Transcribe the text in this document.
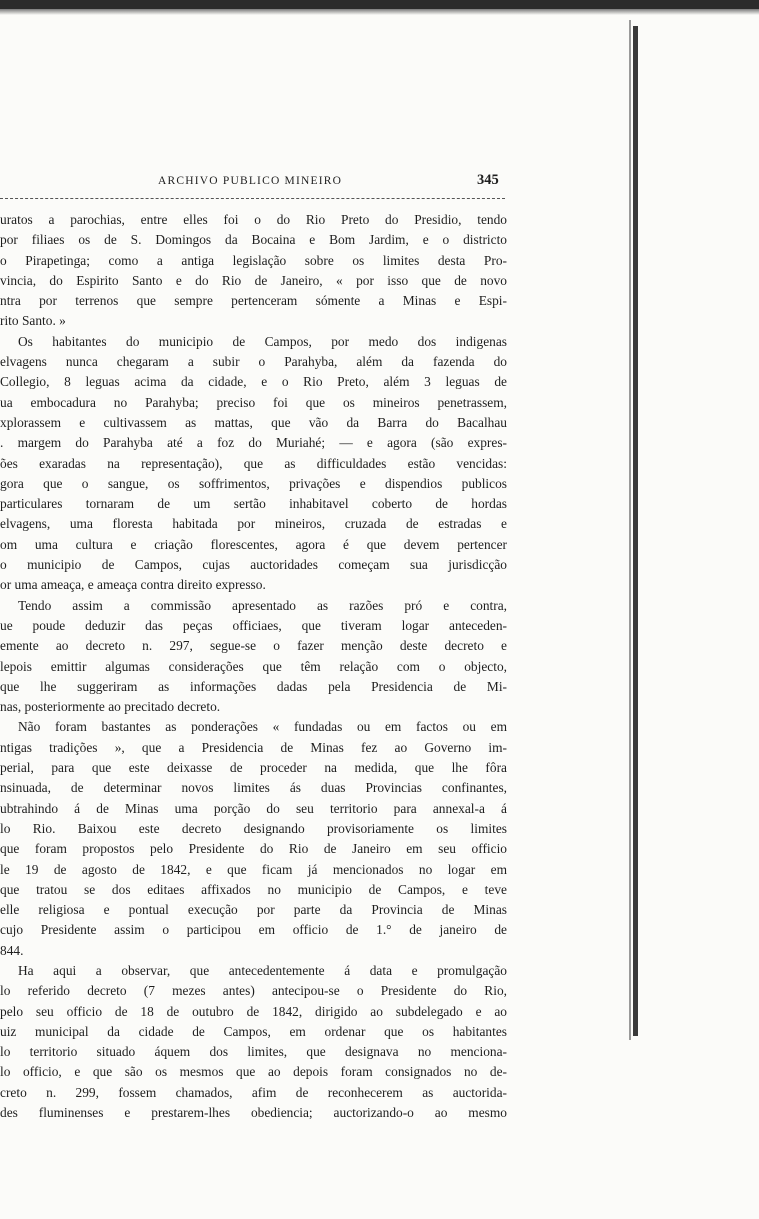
ARCHIVO PUBLICO MINEIRO	345
uratos a parochias, entre elles foi o do Rio Preto do Presidio, tendo
por filiaes os de S. Domingos da Bocaina e Bom Jardim, e o districto
o Pirapetinga; como a antiga legislação sobre os limites desta Pro-
vincia, do Espirito Santo e do Rio de Janeiro, « por isso que de novo
ntra por terrenos que sempre pertenceram sómente a Minas e Espi-
rito Santo. »
Os habitantes do municipio de Campos, por medo dos indigenas
elvagens nunca chegaram a subir o Parahyba, além da fazenda do
Collegio, 8 leguas acima da cidade, e o Rio Preto, além 3 leguas de
ua embocadura no Parahyba; preciso foi que os mineiros penetrassem,
xplorassem e cultivassem as mattas, que vão da Barra do Bacalhau
. margem do Parahyba até a foz do Muriahé; — e agora (são expres-
ões exaradas na representação), que as difficuldades estão vencidas:
gora que o sangue, os soffrimentos, privações e dispendios publicos
particulares tornaram de um sertão inhabitavel coberto de hordas
elvagens, uma floresta habitada por mineiros, cruzada de estradas e
om uma cultura e criação florescentes, agora é que devem pertencer
o municipio de Campos, cujas auctoridades começam sua jurisdicção
or uma ameaça, e ameaça contra direito expresso.
Tendo assim a commissão apresentado as razões pró e contra,
ue poude deduzir das peças officiaes, que tiveram logar anteceden-
emente ao decreto n. 297, segue-se o fazer menção deste decreto e
lepois emittir algumas considerações que têm relação com o objecto,
que lhe suggeriram as informações dadas pela Presidencia de Mi-
nas, posteriormente ao precitado decreto.
Não foram bastantes as ponderações « fundadas ou em factos ou em
ntigas tradições », que a Presidencia de Minas fez ao Governo im-
perial, para que este deixasse de proceder na medida, que lhe fôra
nsinuada, de determinar novos limites ás duas Provincias confinantes,
ubtrahindo á de Minas uma porção do seu territorio para annexal-a á
lo Rio. Baixou este decreto designando provisoriamente os limites
que foram propostos pelo Presidente do Rio de Janeiro em seu officio
le 19 de agosto de 1842, e que ficam já mencionados no logar em
que tratou se dos editaes affixados no municipio de Campos, e teve
elle religiosa e pontual execução por parte da Provincia de Minas
cujo Presidente assim o participou em officio de 1.° de janeiro de
844.
Ha aqui a observar, que antecedentemente á data e promulgação
lo referido decreto (7 mezes antes) antecipou-se o Presidente do Rio,
pelo seu officio de 18 de outubro de 1842, dirigido ao subdelegado e ao
uiz municipal da cidade de Campos, em ordenar que os habitantes
lo territorio situado áquem dos limites, que designava no menciona-
lo officio, e que são os mesmos que ao depois foram consignados no de-
creto n. 299, fossem chamados, afim de reconhecerem as auctorida-
des fluminenses e prestarem-lhes obediencia; auctorizando-o ao mesmo
